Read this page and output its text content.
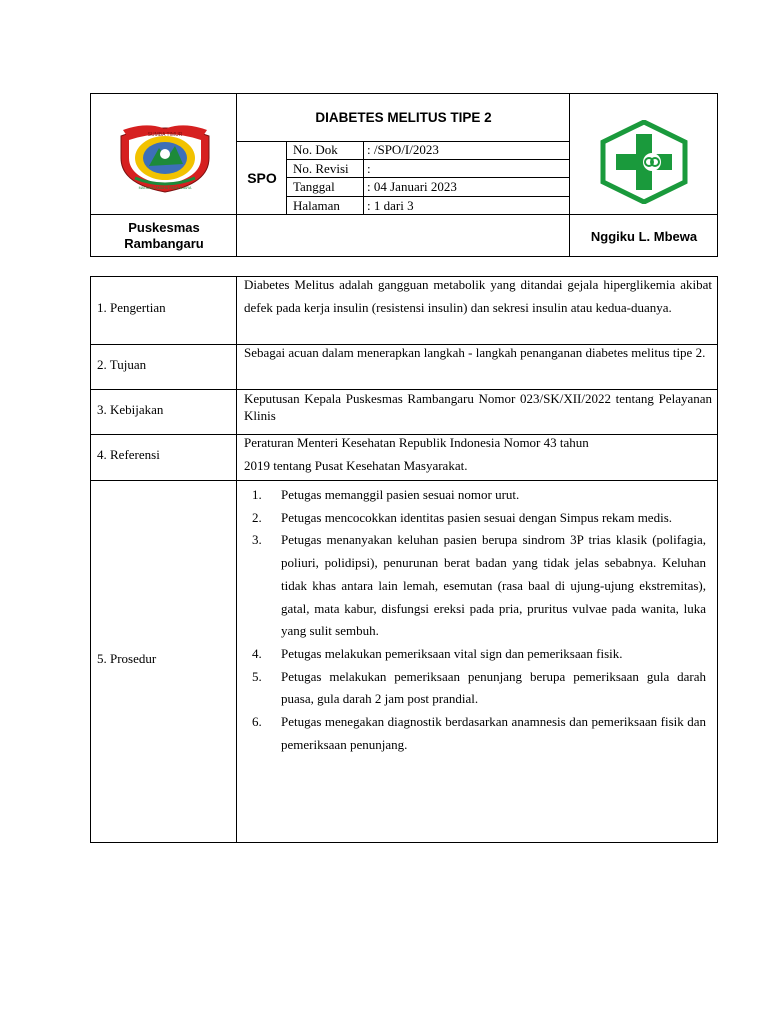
SUMBA TIMUR
MATAWAI AMAHU PADA NJARA
DIABETES MELITUS TIPE 2
SPO
No. Dok : /SPO/I/2023
No. Revisi :
Tanggal : 04 Januari 2023
Halaman : 1 dari 3
Puskesmas
Rambangaru	Nggiku L. Mbewa
1. Pengertian
Diabetes Melitus adalah gangguan metabolik yang ditandai gejala hiperglikemia akibat defek pada kerja insulin (resistensi insulin) dan sekresi insulin atau kedua-duanya.
2. Tujuan
Sebagai acuan dalam menerapkan langkah - langkah penanganan diabetes melitus tipe 2.
3. Kebijakan
Keputusan Kepala Puskesmas Rambangaru Nomor 023/SK/XII/2022 tentang Pelayanan Klinis
4. Referensi
Peraturan Menteri Kesehatan Republik Indonesia Nomor 43 tahun
2019 tentang Pusat Kesehatan Masyarakat.
5. Prosedur
1. Petugas memanggil pasien sesuai nomor urut.
2. Petugas mencocokkan identitas pasien sesuai dengan Simpus rekam medis.
3. Petugas menanyakan keluhan pasien berupa sindrom 3P trias klasik (polifagia, poliuri, polidipsi), penurunan berat badan yang tidak jelas sebabnya. Keluhan tidak khas antara lain lemah, esemutan (rasa baal di ujung-ujung ekstremitas), gatal, mata kabur, disfungsi ereksi pada pria, pruritus vulvae pada wanita, luka yang sulit sembuh.
4. Petugas melakukan pemeriksaan vital sign dan pemeriksaan fisik.
5. Petugas melakukan pemeriksaan penunjang berupa pemeriksaan gula darah puasa, gula darah 2 jam post prandial.
6. Petugas menegakan diagnostik berdasarkan anamnesis dan pemeriksaan fisik dan pemeriksaan penunjang.
